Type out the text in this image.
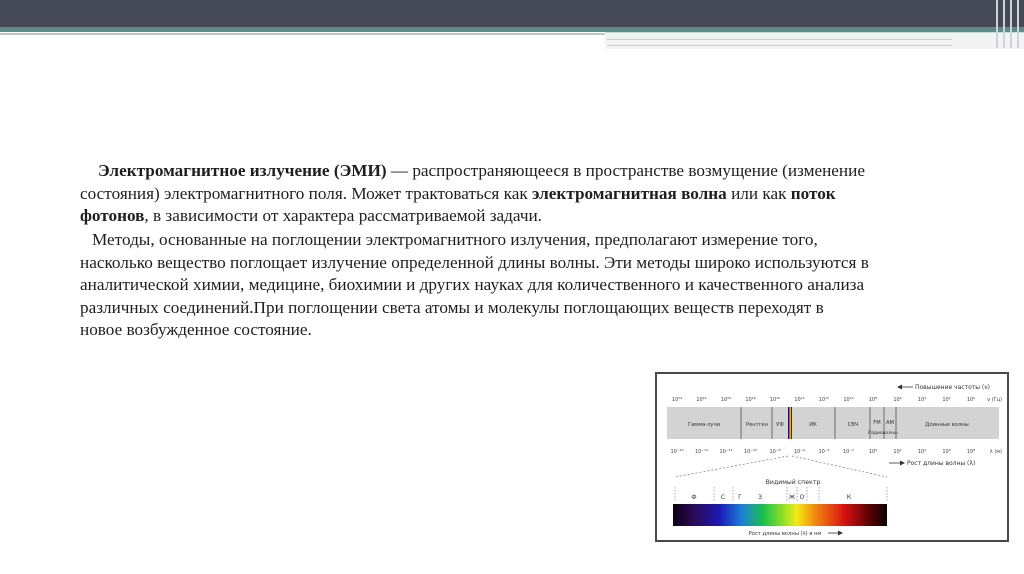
Электромагнитное излучение (ЭМИ) — распространяющееся в пространстве возмущение (изменение состояния) электромагнитного поля. Может трактоваться как электромагнитная волна или как поток фотонов, в зависимости от характера рассматриваемой задачи.

Методы, основанные на поглощении электромагнитного излучения, предполагают измерение того, насколько вещество поглощает излучение определенной длины волны. Эти методы широко используются в аналитической химии, медицине, биохимии и других науках для количественного и качественного анализа различных соединений.При поглощении света атомы и молекулы поглощающих веществ переходят в новое возбужденное состояние.

Повышение частоты (ν)
10²⁴	10²²	10²⁰	10¹⁸	10¹⁶	10¹⁴	10¹²	10¹⁰	10⁸	10⁶	10⁴	10²	10⁰ ν (Гц)
Гамма-лучи	Рентген УФ	ИК	СВЧ	FM AM	Длинные волны
Радиоволны
10⁻¹⁶ 10⁻¹⁴ 10⁻¹² 10⁻¹⁰ 10⁻⁸	10⁻⁶	10⁻⁴	10⁻²	10⁰	10²	10⁴	10⁶	10⁸	λ (м)
Рост длины волны (λ)
Видимый спектр
Ф	С Г	З	Ж О	К
Рост длины волны (λ) в нм
